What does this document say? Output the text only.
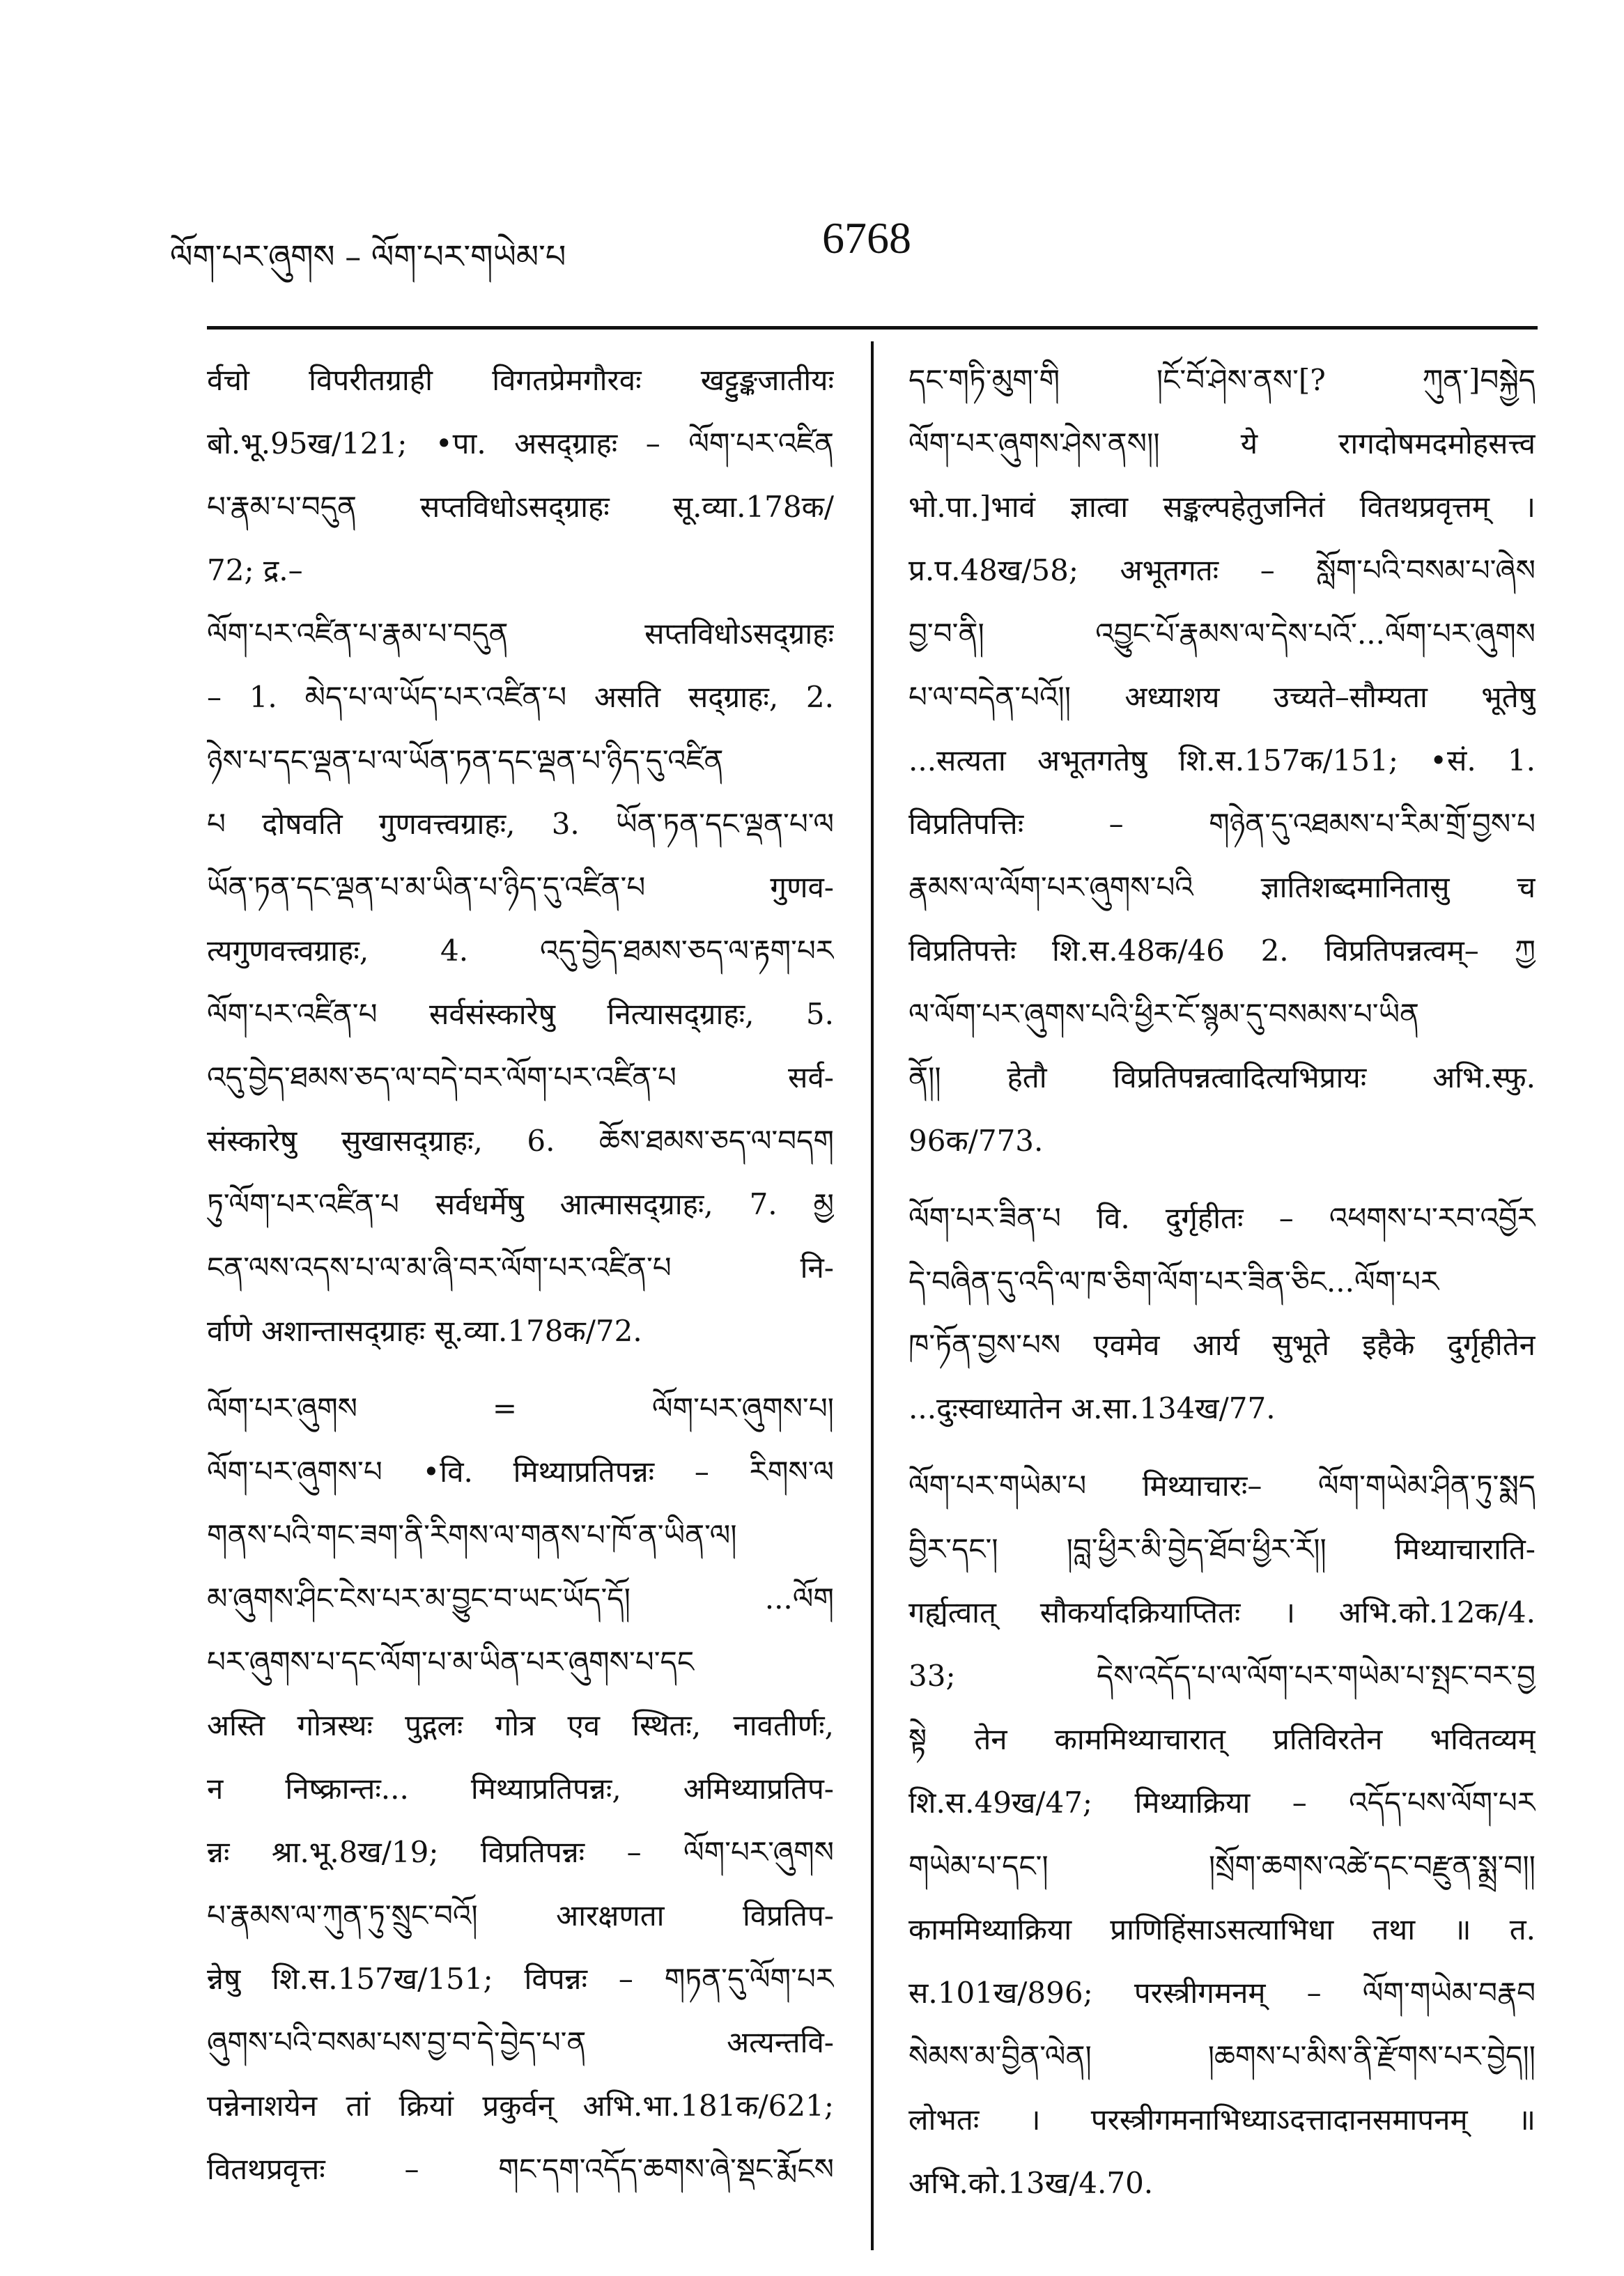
ལོག་པར་ཞུགས – ལོག་པར་གཡེམ་པ	6768
र्वचो विपरीतग्राही विगतप्रेमगौरवः खट्टुङ्कजातीयः
बो.भू.95ख/121; •पा. असद्ग्राहः – ལོག་པར་འཛིན
པ་རྣམ་པ་བདུན सप्तविधोऽसद्ग्राहः सू.व्या.178क/
72; द्र.–
ལོག་པར་འཛིན་པ་རྣམ་པ་བདུན सप्तविधोऽसद्ग्राहः
– 1. མེད་པ་ལ་ཡོད་པར་འཛིན་པ असति सद्ग्राहः, 2.
ཉེས་པ་དང་ལྡན་པ་ལ་ཡོན་ཏན་དང་ལྡན་པ་ཉིད་དུ་འཛིན
པ दोषवति गुणवत्त्वग्राहः, 3. ཡོན་ཏན་དང་ལྡན་པ་ལ
ཡོན་ཏན་དང་ལྡན་པ་མ་ཡིན་པ་ཉིད་དུ་འཛིན་པ गुणव-
त्यगुणवत्त्वग्राहः, 4. འདུ་བྱེད་ཐམས་ཅད་ལ་རྟག་པར
ལོག་པར་འཛིན་པ सर्वसंस्कारेषु नित्यासद्ग्राहः, 5.
འདུ་བྱེད་ཐམས་ཅད་ལ་བདེ་བར་ལོག་པར་འཛིན་པ सर्व-
संस्कारेषु सुखासद्ग्राहः, 6. ཆོས་ཐམས་ཅད་ལ་བདག
ཏུ་ལོག་པར་འཛིན་པ सर्वधर्मेषु आत्मासद्ग्राहः, 7. མྱ
ངན་ལས་འདས་པ་ལ་མ་ཞི་བར་ལོག་པར་འཛིན་པ नि-
र्वाणे अशान्तासद्ग्राहः सू.व्या.178क/72.
ལོག་པར་ཞུགས	=	ལོག་པར་ཞུགས་པ།
ལོག་པར་ཞུགས་པ •वि. मिथ्याप्रतिपन्नः – རིགས་ལ
གནས་པའི་གང་ཟག་ནི་རིགས་ལ་གནས་པ་ཁོ་ན་ཡིན་ལ།
མ་ཞུགས་ཤིང་ངེས་པར་མ་བྱུང་བ་ཡང་ཡོད་དོ། ...ལོག
པར་ཞུགས་པ་དང་ལོག་པ་མ་ཡིན་པར་ཞུགས་པ་དང
अस्ति गोत्रस्थः पुद्गलः गोत्र एव स्थितः, नावतीर्णः,
न निष्क्रान्तः... मिथ्याप्रतिपन्नः, अमिथ्याप्रतिप-
न्नः श्रा.भू.8ख/19; विप्रतिपन्नः – ལོག་པར་ཞུགས
པ་རྣམས་ལ་ཀུན་ཏུ་སྲུང་བའོ། आरक्षणता विप्रतिप-
न्नेषु शि.स.157ख/151; विपन्नः – གཏན་དུ་ལོག་པར
ཞུགས་པའི་བསམ་པས་བྱ་བ་དེ་བྱེད་པ་ན अत्यन्तवि-
पन्नेनाशयेन तां क्रियां प्रकुर्वन् अभि.भा.181क/621;
वितथप्रवृत्तः – གང་དག་འདོད་ཆགས་ཞེ་སྡང་རྨོངས
དང་གཏི་མུག་གི །ངོ་བོ་ཤེས་ནས་[? ཀུན་]བསྐྱེད
ལོག་པར་ཞུགས་ཤེས་ནས།། ये रागदोषमदमोहसत्त्व
भो.पा.]भावं ज्ञात्वा सङ्कल्पहेतुजनितं वितथप्रवृत्तम् ।
प्र.प.48ख/58; अभूतगतः – སློག་པའི་བསམ་པ་ཞེས
བྱ་བ་ནི། འབྱུང་པོ་རྣམས་ལ་དེས་པའོ་...ལོག་པར་ཞུགས
པ་ལ་བདེན་པའོ།། अध्याशय उच्यते–सौम्यता भूतेषु
...सत्यता अभूतगतेषु शि.स.157क/151; •सं. 1.
विप्रतिपत्तिः – གཉེན་དུ་འཐམས་པ་རིམ་གྲོ་བྱས་པ
རྣམས་ལ་ལོག་པར་ཞུགས་པའི ज्ञातिशब्दमानितासु च
विप्रतिपत्तेः शि.स.48क/46 2. विप्रतिपन्नत्वम्– ཀྱ
ལ་ལོག་པར་ཞུགས་པའི་ཕྱིར་ངོ་སྙམ་དུ་བསམས་པ་ཡིན
ནོ།། हेतौ विप्रतिपन्नत्वादित्यभिप्रायः अभि.स्फु.
96क/773.
ལོག་པར་ཟིན་པ वि. दुर्गृहीतः – འཕགས་པ་རབ་འབྱོར
དེ་བཞིན་དུ་འདི་ལ་ཁ་ཅིག་ལོག་པར་ཟིན་ཅིང...ལོག་པར
ཁ་ཏོན་བྱས་པས एवमेव आर्य सुभूते इहैके दुर्गृहीतेन
...दुःस्वाध्यातेन अ.सा.134ख/77.
ལོག་པར་གཡེམ་པ मिथ्याचारः– ལོག་གཡེམ་ཤིན་ཏུ་སྨད
བྱིར་དང་། །བླ་ཕྱིར་མི་བྱེད་ཐོབ་ཕྱིར་རོ།། मिथ्याचाराति-
गर्ह्यत्वात् सौकर्यादक्रियाप्तितः । अभि.को.12क/4.
33; དེས་འདོད་པ་ལ་ལོག་པར་གཡེམ་པ་སྤང་བར་བྱ
སྟེ तेन काममिथ्याचारात् प्रतिविरतेन भवितव्यम्
शि.स.49ख/47; मिथ्याक्रिया – འདོད་པས་ལོག་པར
གཡེམ་པ་དང་། །སྲོག་ཆགས་འཚེ་དང་བརྫུན་སྨྲ་བ།།
काममिथ्याक्रिया प्राणिहिंसाऽसत्याभिधा तथा ॥ त.
स.101ख/896; परस्त्रीगमनम् – ལོག་གཡེམ་བརྣབ
སེམས་མ་བྱིན་ལེན། །ཆགས་པ་མིས་ནི་རྫོགས་པར་བྱེད།།
लोभतः । परस्त्रीगमनाभिध्याऽदत्तादानसमापनम् ॥
अभि.को.13ख/4.70.
